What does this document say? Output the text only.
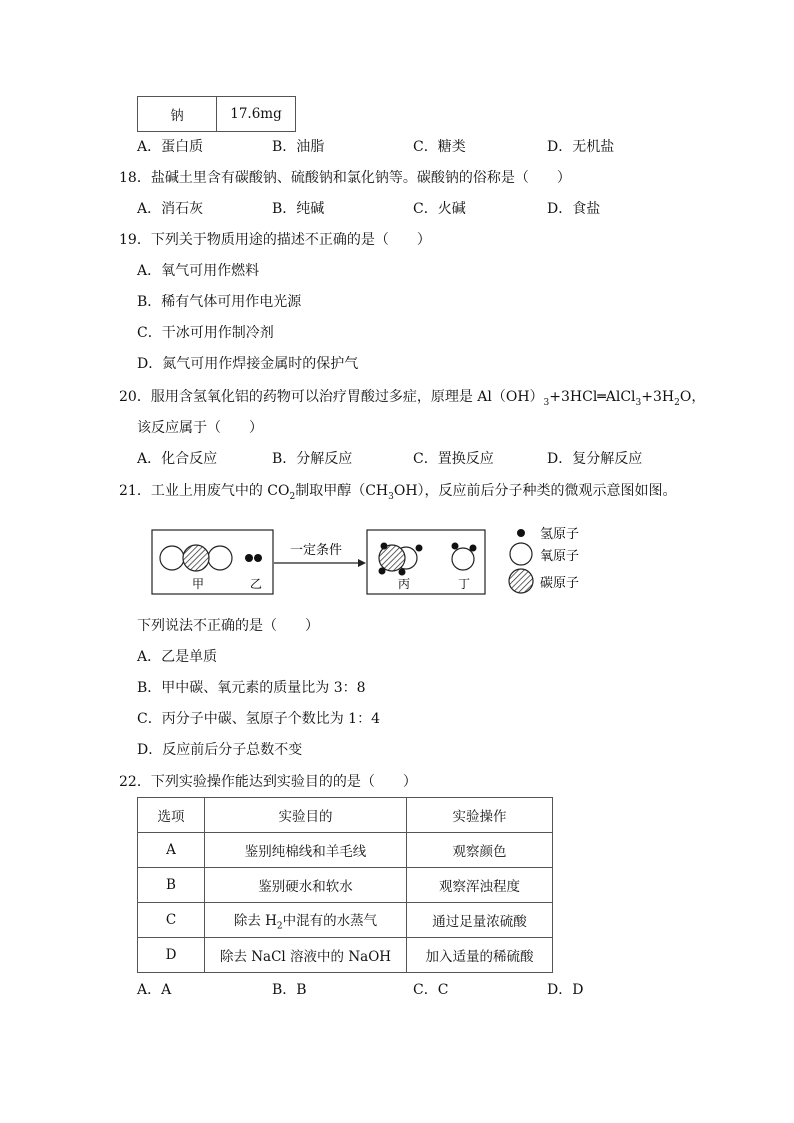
钠	17.6mg
A．蛋白质	B．油脂	C．糖类	D．无机盐
18．盐碱土里含有碳酸钠、硫酸钠和氯化钠等。碳酸钠的俗称是（　　）
A．消石灰	B．纯碱	C．火碱	D．食盐
19．下列关于物质用途的描述不正确的是（　　）
A．氧气可用作燃料
B．稀有气体可用作电光源
C．干冰可用作制冷剂
D．氮气可用作焊接金属时的保护气
20．服用含氢氧化铝的药物可以治疗胃酸过多症，原理是 $Al(OH)_3+3HCl═AlCl_3+3H_2O$，
该反应属于（　　）
A．化合反应	B．分解反应	C．置换反应	D．复分解反应
21．工业上用废气中的 $CO_2$制取甲醇$(CH_3OH)$，反应前后分子种类的微观示意图如图。
甲	乙
一定条件
丙	丁
氢原子
氧原子
碳原子
下列说法不正确的是（　　）
A．乙是单质
B．甲中碳、氧元素的质量比为 3：8
C．丙分子中碳、氢原子个数比为 1：4
D．反应前后分子总数不变
22．下列实验操作能达到实验目的的是（　　）
选项	实验目的	实验操作
A	鉴别纯棉线和羊毛线	观察颜色
B	鉴别硬水和软水	观察浑浊程度
C	除去 $H_2$中混有的水蒸气	通过足量浓硫酸
D	除去 NaCl 溶液中的 NaOH	加入适量的稀硫酸
A．A	B．B	C．C	D．D
